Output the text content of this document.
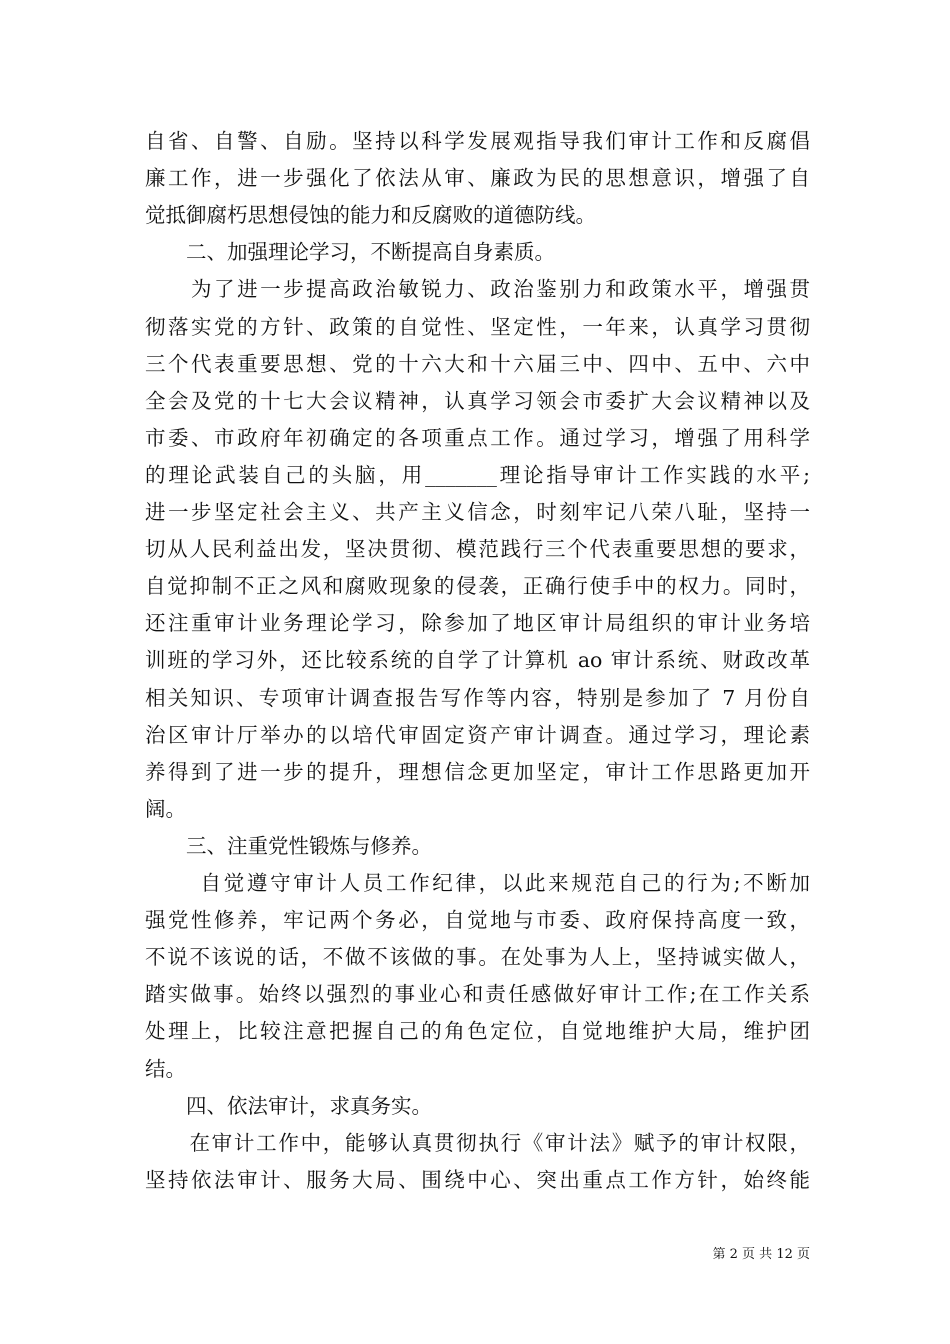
自省、自警、自励。坚持以科学发展观指导我们审计工作和反腐倡
廉工作，进一步强化了依法从审、廉政为民的思想意识，增强了自
觉抵御腐朽思想侵蚀的能力和反腐败的道德防线。
　　二、加强理论学习，不断提高自身素质。
　　为了进一步提高政治敏锐力、政治鉴别力和政策水平，增强贯
彻落实党的方针、政策的自觉性、坚定性，一年来，认真学习贯彻
三个代表重要思想、党的十六大和十六届三中、四中、五中、六中
全会及党的十七大会议精神，认真学习领会市委扩大会议精神以及
市委、市政府年初确定的各项重点工作。通过学习，增强了用科学
的理论武装自己的头脑，用_______理论指导审计工作实践的水平;
进一步坚定社会主义、共产主义信念，时刻牢记八荣八耻，坚持一
切从人民利益出发，坚决贯彻、模范践行三个代表重要思想的要求，
自觉抑制不正之风和腐败现象的侵袭，正确行使手中的权力。同时，
还注重审计业务理论学习，除参加了地区审计局组织的审计业务培
训班的学习外，还比较系统的自学了计算机 ao 审计系统、财政改革
相关知识、专项审计调查报告写作等内容，特别是参加了 7 月份自
治区审计厅举办的以培代审固定资产审计调查。通过学习，理论素
养得到了进一步的提升，理想信念更加坚定，审计工作思路更加开
阔。
　　三、注重党性锻炼与修养。
　　 自觉遵守审计人员工作纪律，以此来规范自己的行为;不断加
强党性修养，牢记两个务必，自觉地与市委、政府保持高度一致，
不说不该说的话，不做不该做的事。在处事为人上，坚持诚实做人，
踏实做事。始终以强烈的事业心和责任感做好审计工作;在工作关系
处理上，比较注意把握自己的角色定位，自觉地维护大局，维护团
结。
　　四、依法审计，求真务实。
　　在审计工作中，能够认真贯彻执行《审计法》赋予的审计权限，
坚持依法审计、服务大局、围绕中心、突出重点工作方针，始终能
第 2 页 共 12 页
